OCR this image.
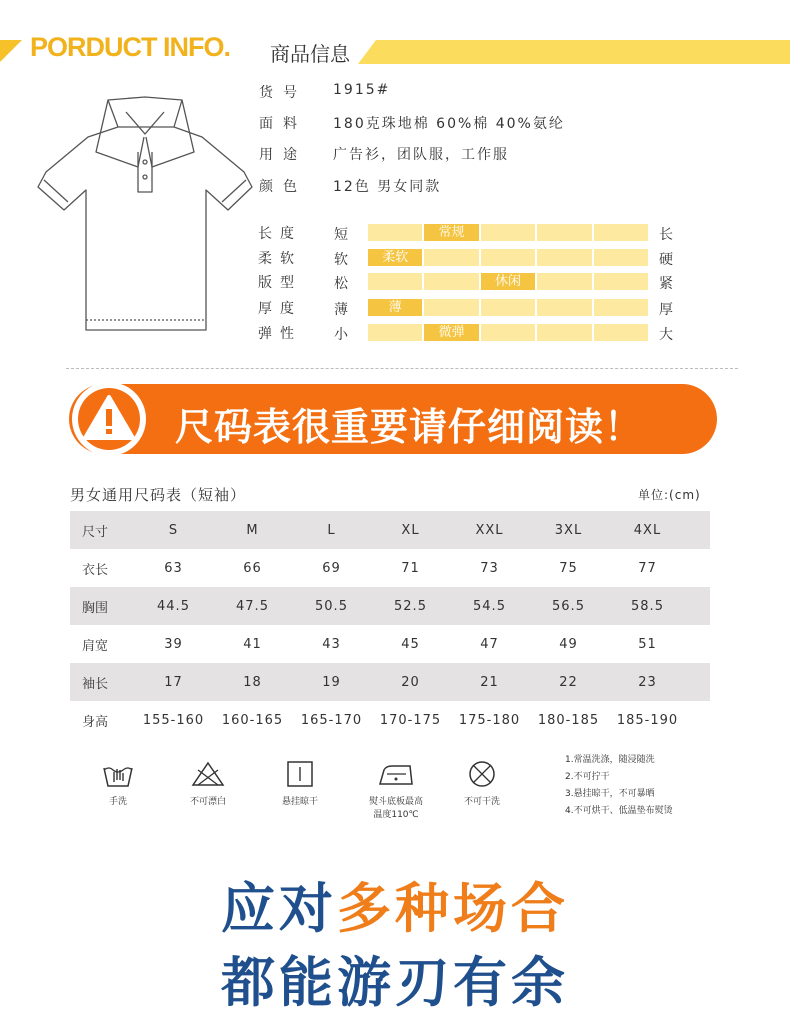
PORDUCT INFO. 商品信息
货号 1915#
面料 180克珠地棉 60%棉 40%氨纶
用途 广告衫，团队服，工作服
颜色 12色 男女同款
长度 短	常规	长
柔软 软	柔软	硬
版型 松	休闲	紧
厚度 薄	薄	厚
弹性 小	微弹	大
尺码表很重要请仔细阅读！
男女通用尺码表（短袖）	单位:(cm)
尺寸	S	M	L	XL	XXL	3XL	4XL
衣长	63	66	69	71	73	75	77
胸围	44.5	47.5	50.5	52.5	54.5	56.5	58.5
肩宽	39	41	43	45	47	49	51
袖长	17	18	19	20	21	22	23
身高	155-160	160-165	165-170	170-175	175-180	180-185	185-190
手洗	不可漂白	悬挂晾干	熨斗底板最高
温度110℃
不可干洗
1.常温洗涤，随浸随洗
2.不可拧干
3.悬挂晾干，不可暴晒
4.不可烘干、低温垫布熨烫
应对多种场合
都能游刃有余
